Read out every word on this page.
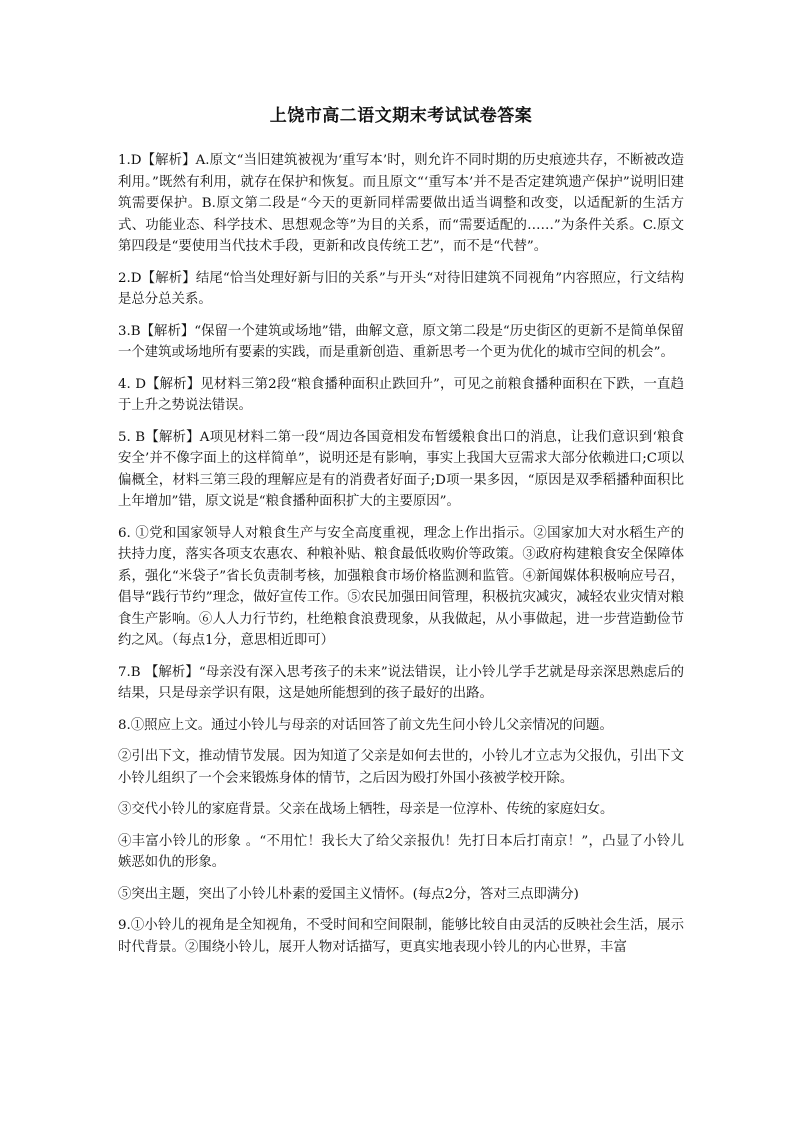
上饶市高二语文期末考试试卷答案

1.D【解析】A.原文“当旧建筑被视为‘重写本’时，则允许不同时期的历史痕迹共存，不断被改造利用。”既然有利用，就存在保护和恢复。而且原文“‘重写本’并不是否定建筑遗产保护”说明旧建筑需要保护。B.原文第二段是“今天的更新同样需要做出适当调整和改变，以适配新的生活方式、功能业态、科学技术、思想观念等”为目的关系，而“需要适配的……”为条件关系。C.原文第四段是“要使用当代技术手段，更新和改良传统工艺”，而不是“代替”。

2.D【解析】结尾“恰当处理好新与旧的关系”与开头“对待旧建筑不同视角”内容照应，行文结构是总分总关系。

3.B【解析】“保留一个建筑或场地”错，曲解文意，原文第二段是“历史街区的更新不是简单保留一个建筑或场地所有要素的实践，而是重新创造、重新思考一个更为优化的城市空间的机会”。

4. D【解析】见材料三第2段“粮食播种面积止跌回升”，可见之前粮食播种面积在下跌，一直趋于上升之势说法错误。

5. B【解析】A项见材料二第一段“周边各国竟相发布暂缓粮食出口的消息，让我们意识到‘粮食安全’并不像字面上的这样简单”，说明还是有影响，事实上我国大豆需求大部分依赖进口;C项以偏概全，材料三第三段的理解应是有的消费者好面子;D项一果多因，“原因是双季稻播种面积比上年增加”错，原文说是“粮食播种面积扩大的主要原因”。

6. ①党和国家领导人对粮食生产与安全高度重视，理念上作出指示。②国家加大对水稻生产的扶持力度，落实各项支农惠农、种粮补贴、粮食最低收购价等政策。③政府构建粮食安全保障体系，强化“米袋子”省长负责制考核，加强粮食市场价格监测和监管。④新闻媒体积极响应号召，倡导“践行节约”理念，做好宣传工作。⑤农民加强田间管理，积极抗灾减灾，减轻农业灾情对粮食生产影响。⑥人人力行节约，杜绝粮食浪费现象，从我做起，从小事做起，进一步营造勤俭节约之风。（每点1分，意思相近即可）

7.B 【解析】“母亲没有深入思考孩子的未来”说法错误，让小铃儿学手艺就是母亲深思熟虑后的结果，只是母亲学识有限，这是她所能想到的孩子最好的出路。

8.①照应上文。通过小铃儿与母亲的对话回答了前文先生问小铃儿父亲情况的问题。

②引出下文，推动情节发展。因为知道了父亲是如何去世的，小铃儿才立志为父报仇，引出下文小铃儿组织了一个会来锻炼身体的情节，之后因为殴打外国小孩被学校开除。

③交代小铃儿的家庭背景。父亲在战场上牺牲，母亲是一位淳朴、传统的家庭妇女。

④丰富小铃儿的形象 。“不用忙！我长大了给父亲报仇！先打日本后打南京！”，凸显了小铃儿嫉恶如仇的形象。

⑤突出主题，突出了小铃儿朴素的爱国主义情怀。(每点2分，答对三点即满分)

9.①小铃儿的视角是全知视角，不受时间和空间限制，能够比较自由灵活的反映社会生活，展示时代背景。②围绕小铃儿，展开人物对话描写，更真实地表现小铃儿的内心世界，丰富
